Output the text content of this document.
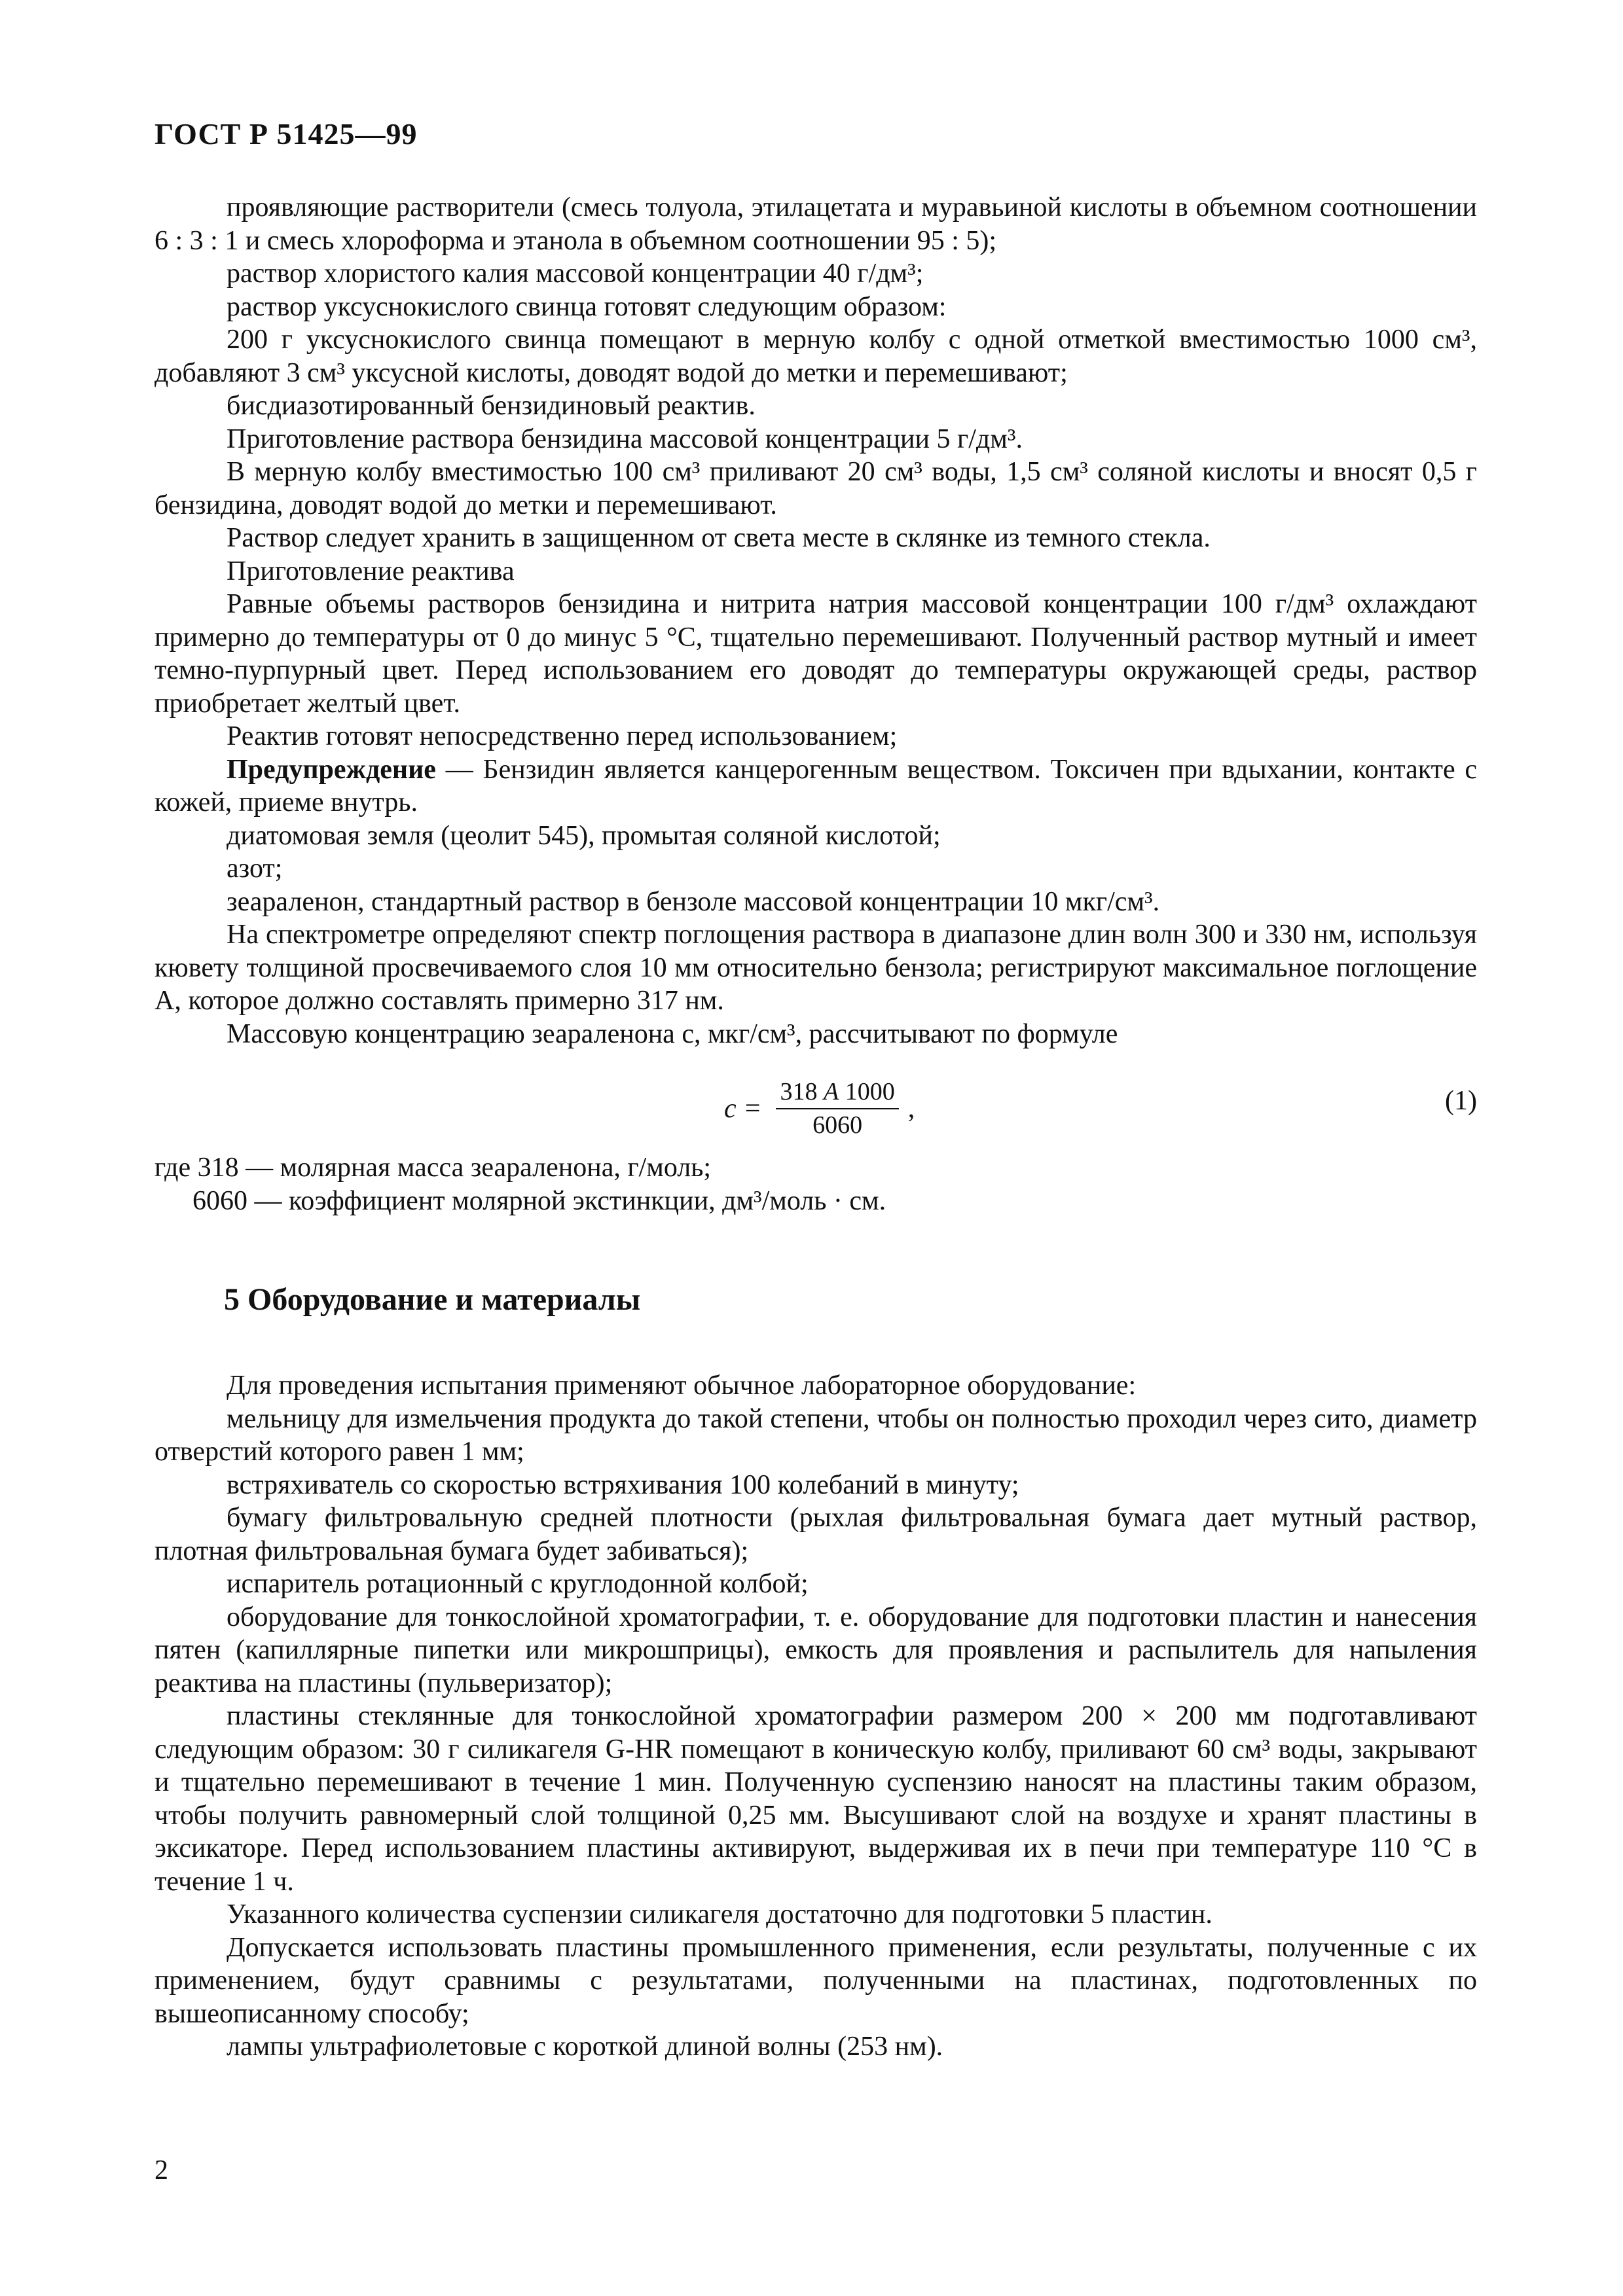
ГОСТ Р 51425—99

проявляющие растворители (смесь толуола, этилацетата и муравьиной кислоты в объемном соотношении 6 : 3 : 1 и смесь хлороформа и этанола в объемном соотношении 95 : 5);

раствор хлористого калия массовой концентрации 40 г/дм³;

раствор уксуснокислого свинца готовят следующим образом:

200 г уксуснокислого свинца помещают в мерную колбу с одной отметкой вместимостью 1000 см³, добавляют 3 см³ уксусной кислоты, доводят водой до метки и перемешивают;

бисдиазотированный бензидиновый реактив.

Приготовление раствора бензидина массовой концентрации 5 г/дм³.

В мерную колбу вместимостью 100 см³ приливают 20 см³ воды, 1,5 см³ соляной кислоты и вносят 0,5 г бензидина, доводят водой до метки и перемешивают.

Раствор следует хранить в защищенном от света месте в склянке из темного стекла.

Приготовление реактива

Равные объемы растворов бензидина и нитрита натрия массовой концентрации 100 г/дм³ охлаждают примерно до температуры от 0 до минус 5 °С, тщательно перемешивают. Полученный раствор мутный и имеет темно-пурпурный цвет. Перед использованием его доводят до температуры окружающей среды, раствор приобретает желтый цвет.

Реактив готовят непосредственно перед использованием;

Предупреждение — Бензидин является канцерогенным веществом. Токсичен при вдыхании, контакте с кожей, приеме внутрь.

диатомовая земля (цеолит 545), промытая соляной кислотой;

азот;

зеараленон, стандартный раствор в бензоле массовой концентрации 10 мкг/см³.

На спектрометре определяют спектр поглощения раствора в диапазоне длин волн 300 и 330 нм, используя кювету толщиной просвечиваемого слоя 10 мм относительно бензола; регистрируют максимальное поглощение А, которое должно составлять примерно 317 нм.

Массовую концентрацию зеараленона с, мкг/см³, рассчитывают по формуле

$c = \frac{318 A 1000}{6060}$ ,	(1)
где 318 — молярная масса зеараленона, г/моль;
6060 — коэффициент молярной экстинкции, дм³/моль · см.
5 Оборудование и материалы

Для проведения испытания применяют обычное лабораторное оборудование:

мельницу для измельчения продукта до такой степени, чтобы он полностью проходил через сито, диаметр отверстий которого равен 1 мм;

встряхиватель со скоростью встряхивания 100 колебаний в минуту;

бумагу фильтровальную средней плотности (рыхлая фильтровальная бумага дает мутный раствор, плотная фильтровальная бумага будет забиваться);

испаритель ротационный с круглодонной колбой;

оборудование для тонкослойной хроматографии, т. е. оборудование для подготовки пластин и нанесения пятен (капиллярные пипетки или микрошприцы), емкость для проявления и распылитель для напыления реактива на пластины (пульверизатор);

пластины стеклянные для тонкослойной хроматографии размером 200 × 200 мм подготавливают следующим образом: 30 г силикагеля G-HR помещают в коническую колбу, приливают 60 см³ воды, закрывают и тщательно перемешивают в течение 1 мин. Полученную суспензию наносят на пластины таким образом, чтобы получить равномерный слой толщиной 0,25 мм. Высушивают слой на воздухе и хранят пластины в эксикаторе. Перед использованием пластины активируют, выдерживая их в печи при температуре 110 °С в течение 1 ч.

Указанного количества суспензии силикагеля достаточно для подготовки 5 пластин.

Допускается использовать пластины промышленного применения, если результаты, полученные с их применением, будут сравнимы с результатами, полученными на пластинах, подготовленных по вышеописанному способу;

лампы ультрафиолетовые с короткой длиной волны (253 нм).

2
